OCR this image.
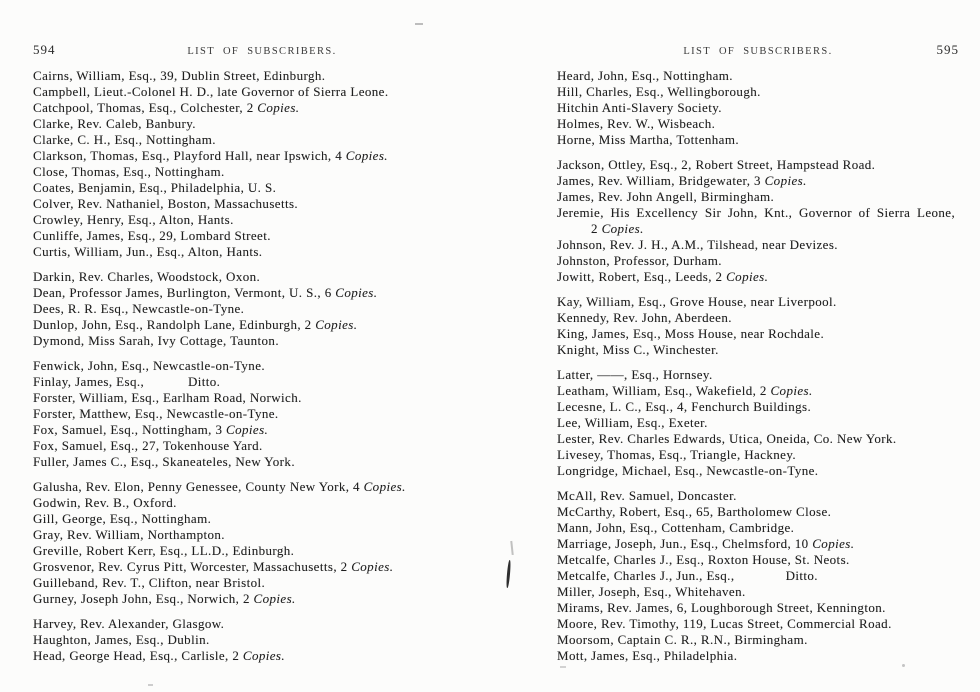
594	LIST OF SUBSCRIBERS.
Cairns, William, Esq., 39, Dublin Street, Edinburgh.
Campbell, Lieut.-Colonel H. D., late Governor of Sierra Leone.
Catchpool, Thomas, Esq., Colchester, 2 Copies.
Clarke, Rev. Caleb, Banbury.
Clarke, C. H., Esq., Nottingham.
Clarkson, Thomas, Esq., Playford Hall, near Ipswich, 4 Copies.
Close, Thomas, Esq., Nottingham.
Coates, Benjamin, Esq., Philadelphia, U. S.
Colver, Rev. Nathaniel, Boston, Massachusetts.
Crowley, Henry, Esq., Alton, Hants.
Cunliffe, James, Esq., 29, Lombard Street.
Curtis, William, Jun., Esq., Alton, Hants.
Darkin, Rev. Charles, Woodstock, Oxon.
Dean, Professor James, Burlington, Vermont, U. S., 6 Copies.
Dees, R. R. Esq., Newcastle-on-Tyne.
Dunlop, John, Esq., Randolph Lane, Edinburgh, 2 Copies.
Dymond, Miss Sarah, Ivy Cottage, Taunton.
Fenwick, John, Esq., Newcastle-on-Tyne.
Finlay, James, Esq.,            Ditto.
Forster, William, Esq., Earlham Road, Norwich.
Forster, Matthew, Esq., Newcastle-on-Tyne.
Fox, Samuel, Esq., Nottingham, 3 Copies.
Fox, Samuel, Esq., 27, Tokenhouse Yard.
Fuller, James C., Esq., Skaneateles, New York.
Galusha, Rev. Elon, Penny Genessee, County New York, 4 Copies.
Godwin, Rev. B., Oxford.
Gill, George, Esq., Nottingham.
Gray, Rev. William, Northampton.
Greville, Robert Kerr, Esq., LL.D., Edinburgh.
Grosvenor, Rev. Cyrus Pitt, Worcester, Massachusetts, 2 Copies.
Guilleband, Rev. T., Clifton, near Bristol.
Gurney, Joseph John, Esq., Norwich, 2 Copies.
Harvey, Rev. Alexander, Glasgow.
Haughton, James, Esq., Dublin.
Head, George Head, Esq., Carlisle, 2 Copies.
LIST OF SUBSCRIBERS.	595
Heard, John, Esq., Nottingham.
Hill, Charles, Esq., Wellingborough.
Hitchin Anti-Slavery Society.
Holmes, Rev. W., Wisbeach.
Horne, Miss Martha, Tottenham.
Jackson, Ottley, Esq., 2, Robert Street, Hampstead Road.
James, Rev. William, Bridgewater, 3 Copies.
James, Rev. John Angell, Birmingham.
Jeremie, His Excellency Sir John, Knt., Governor of Sierra Leone,
2 Copies.
Johnson, Rev. J. H., A.M., Tilshead, near Devizes.
Johnston, Professor, Durham.
Jowitt, Robert, Esq., Leeds, 2 Copies.
Kay, William, Esq., Grove House, near Liverpool.
Kennedy, Rev. John, Aberdeen.
King, James, Esq., Moss House, near Rochdale.
Knight, Miss C., Winchester.
Latter, ——, Esq., Hornsey.
Leatham, William, Esq., Wakefield, 2 Copies.
Lecesne, L. C., Esq., 4, Fenchurch Buildings.
Lee, William, Esq., Exeter.
Lester, Rev. Charles Edwards, Utica, Oneida, Co. New York.
Livesey, Thomas, Esq., Triangle, Hackney.
Longridge, Michael, Esq., Newcastle-on-Tyne.
McAll, Rev. Samuel, Doncaster.
McCarthy, Robert, Esq., 65, Bartholomew Close.
Mann, John, Esq., Cottenham, Cambridge.
Marriage, Joseph, Jun., Esq., Chelmsford, 10 Copies.
Metcalfe, Charles J., Esq., Roxton House, St. Neots.
Metcalfe, Charles J., Jun., Esq.,              Ditto.
Miller, Joseph, Esq., Whitehaven.
Mirams, Rev. James, 6, Loughborough Street, Kennington.
Moore, Rev. Timothy, 119, Lucas Street, Commercial Road.
Moorsom, Captain C. R., R.N., Birmingham.
Mott, James, Esq., Philadelphia.
